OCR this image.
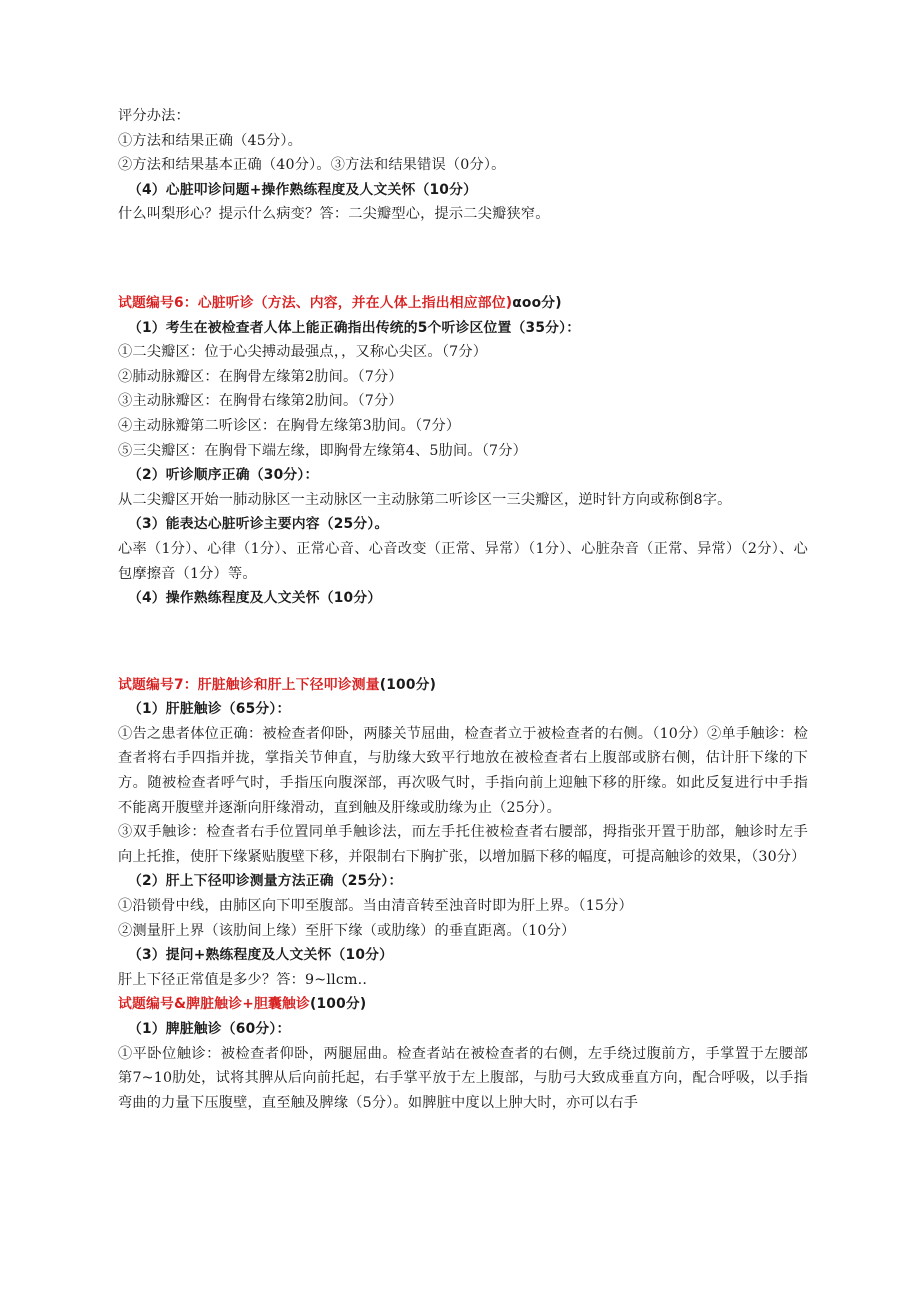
评分办法：
①方法和结果正确（45分）。
②方法和结果基本正确（40分）。③方法和结果错误（0分）。
（4）心脏叩诊问题+操作熟练程度及人文关怀（10分）
什么叫梨形心？提示什么病变？答：二尖瓣型心，提示二尖瓣狭窄。
试题编号6：心脏听诊（方法、内容，并在人体上指出相应部位)αoo分)
（1）考生在被检查者人体上能正确指出传统的5个听诊区位置（35分）：
①二尖瓣区：位于心尖搏动最强点，，又称心尖区。（7分）
②肺动脉瓣区：在胸骨左缘第2肋间。（7分）
③主动脉瓣区：在胸骨右缘第2肋间。（7分）
④主动脉瓣第二听诊区：在胸骨左缘第3肋间。（7分）
⑤三尖瓣区：在胸骨下端左缘，即胸骨左缘第4、5肋间。（7分）
（2）听诊顺序正确（30分）：
从二尖瓣区开始一肺动脉区一主动脉区一主动脉第二听诊区一三尖瓣区，逆时针方向或称倒8字。
（3）能表达心脏听诊主要内容（25分）。
心率（1分）、心律（1分）、正常心音、心音改变（正常、异常）（1分）、心脏杂音（正常、异常）（2分）、心包摩擦音（1分）等。
（4）操作熟练程度及人文关怀（10分）
试题编号7：肝脏触诊和肝上下径叩诊测量(100分)
（1）肝脏触诊（65分）：
①告之患者体位正确：被检查者仰卧，两膝关节屈曲，检查者立于被检查者的右侧。（10分）②单手触诊：检查者将右手四指并拢，掌指关节伸直，与肋缘大致平行地放在被检查者右上腹部或脐右侧，估计肝下缘的下方。随被检查者呼气时，手指压向腹深部，再次吸气时，手指向前上迎触下移的肝缘。如此反复进行中手指不能离开腹壁并逐渐向肝缘滑动，直到触及肝缘或肋缘为止（25分）。
③双手触诊：检查者右手位置同单手触诊法，而左手托住被检查者右腰部，拇指张开置于肋部，触诊时左手向上托推，使肝下缘紧贴腹壁下移，并限制右下胸扩张，以增加膈下移的幅度，可提高触诊的效果，（30分）
（2）肝上下径叩诊测量方法正确（25分）：
①沿锁骨中线，由肺区向下叩至腹部。当由清音转至浊音时即为肝上界。（15分）
②测量肝上界（该肋间上缘）至肝下缘（或肋缘）的垂直距离。（10分）
（3）提问+熟练程度及人文关怀（10分）
肝上下径正常值是多少？答：9~llcm..
试题编号&脾脏触诊+胆囊触诊(100分)
（1）脾脏触诊（60分）：
①平卧位触诊：被检查者仰卧，两腿屈曲。检查者站在被检查者的右侧，左手绕过腹前方，手掌置于左腰部第7~10肋处，试将其脾从后向前托起，右手掌平放于左上腹部，与肋弓大致成垂直方向，配合呼吸，以手指弯曲的力量下压腹壁，直至触及脾缘（5分）。如脾脏中度以上肿大时，亦可以右手
